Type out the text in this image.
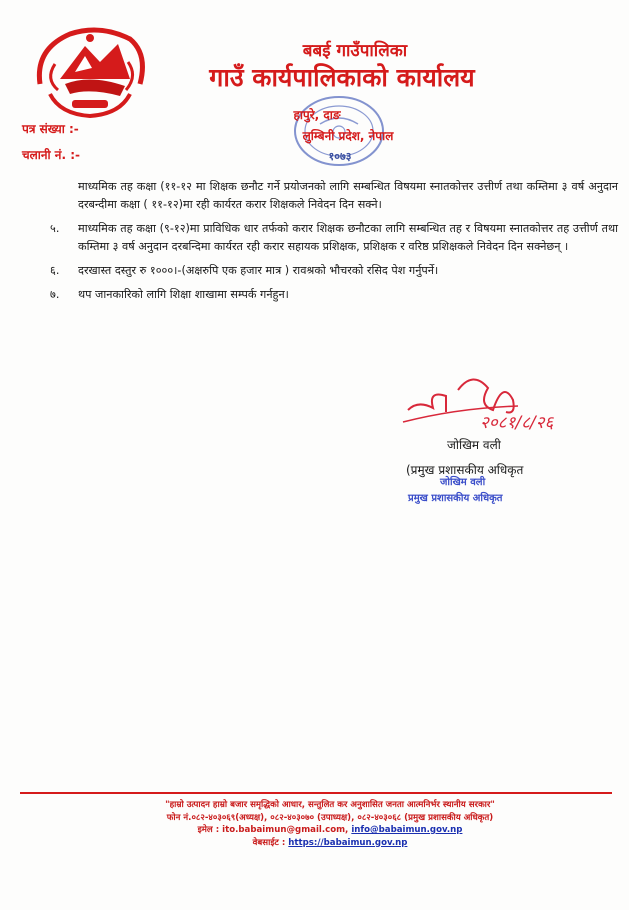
बबई गाउँपालिका
गाउँ कार्यपालिकाको कार्यालय
हापुरे, दाङ
लुम्बिनी प्रदेश, नेपाल
१०७३
पत्र संख्या :-
चलानी नं. :-
माध्यमिक तह कक्षा (११-१२ मा शिक्षक छनौट गर्ने प्रयोजनको लागि सम्बन्धित विषयमा स्नातकोत्तर उत्तीर्ण तथा कम्तिमा ३ वर्ष अनुदान दरबन्दीमा कक्षा ( ११-१२)मा रही कार्यरत करार शिक्षकले निवेदन दिन सक्ने।
५. माध्यमिक तह कक्षा (९-१२)मा प्राविधिक धार तर्फको करार शिक्षक छनौटका लागि सम्बन्धित तह र विषयमा स्नातकोत्तर तह उत्तीर्ण तथा कम्तिमा ३ वर्ष अनुदान दरबन्दिमा कार्यरत रही करार सहायक प्रशिक्षक, प्रशिक्षक र वरिष्ठ प्रशिक्षकले निवेदन दिन सक्नेछन् ।
६. दरखास्त दस्तुर रु १०००।-(अक्षरुपि एक हजार मात्र ) रावश्रको भौचरको रसिद पेश गर्नुपर्ने।
७. थप जानकारिको लागि शिक्षा शाखामा सम्पर्क गर्नहुन।
२०८१/८/२६
जोखिम वली
(प्रमुख प्रशासकीय अधिकृत
जोखिम वली
प्रमुख प्रशासकीय अधिकृत
"हाम्रो उत्पादन हाम्रो बजार समृद्धिको आधार, सन्तुलित कर अनुशासित जनता आत्मनिर्भर स्थानीय सरकार"
फोन नं.०८२-४०३०६९(अध्यक्ष), ०८२-४०३०७० (उपाध्यक्ष), ०८२-४०३०६८ (प्रमुख प्रशासकीय अधिकृत)
इमेल : ito.babaimun@gmail.com, info@babaimun.gov.np
वेबसाईट : https://babaimun.gov.np
